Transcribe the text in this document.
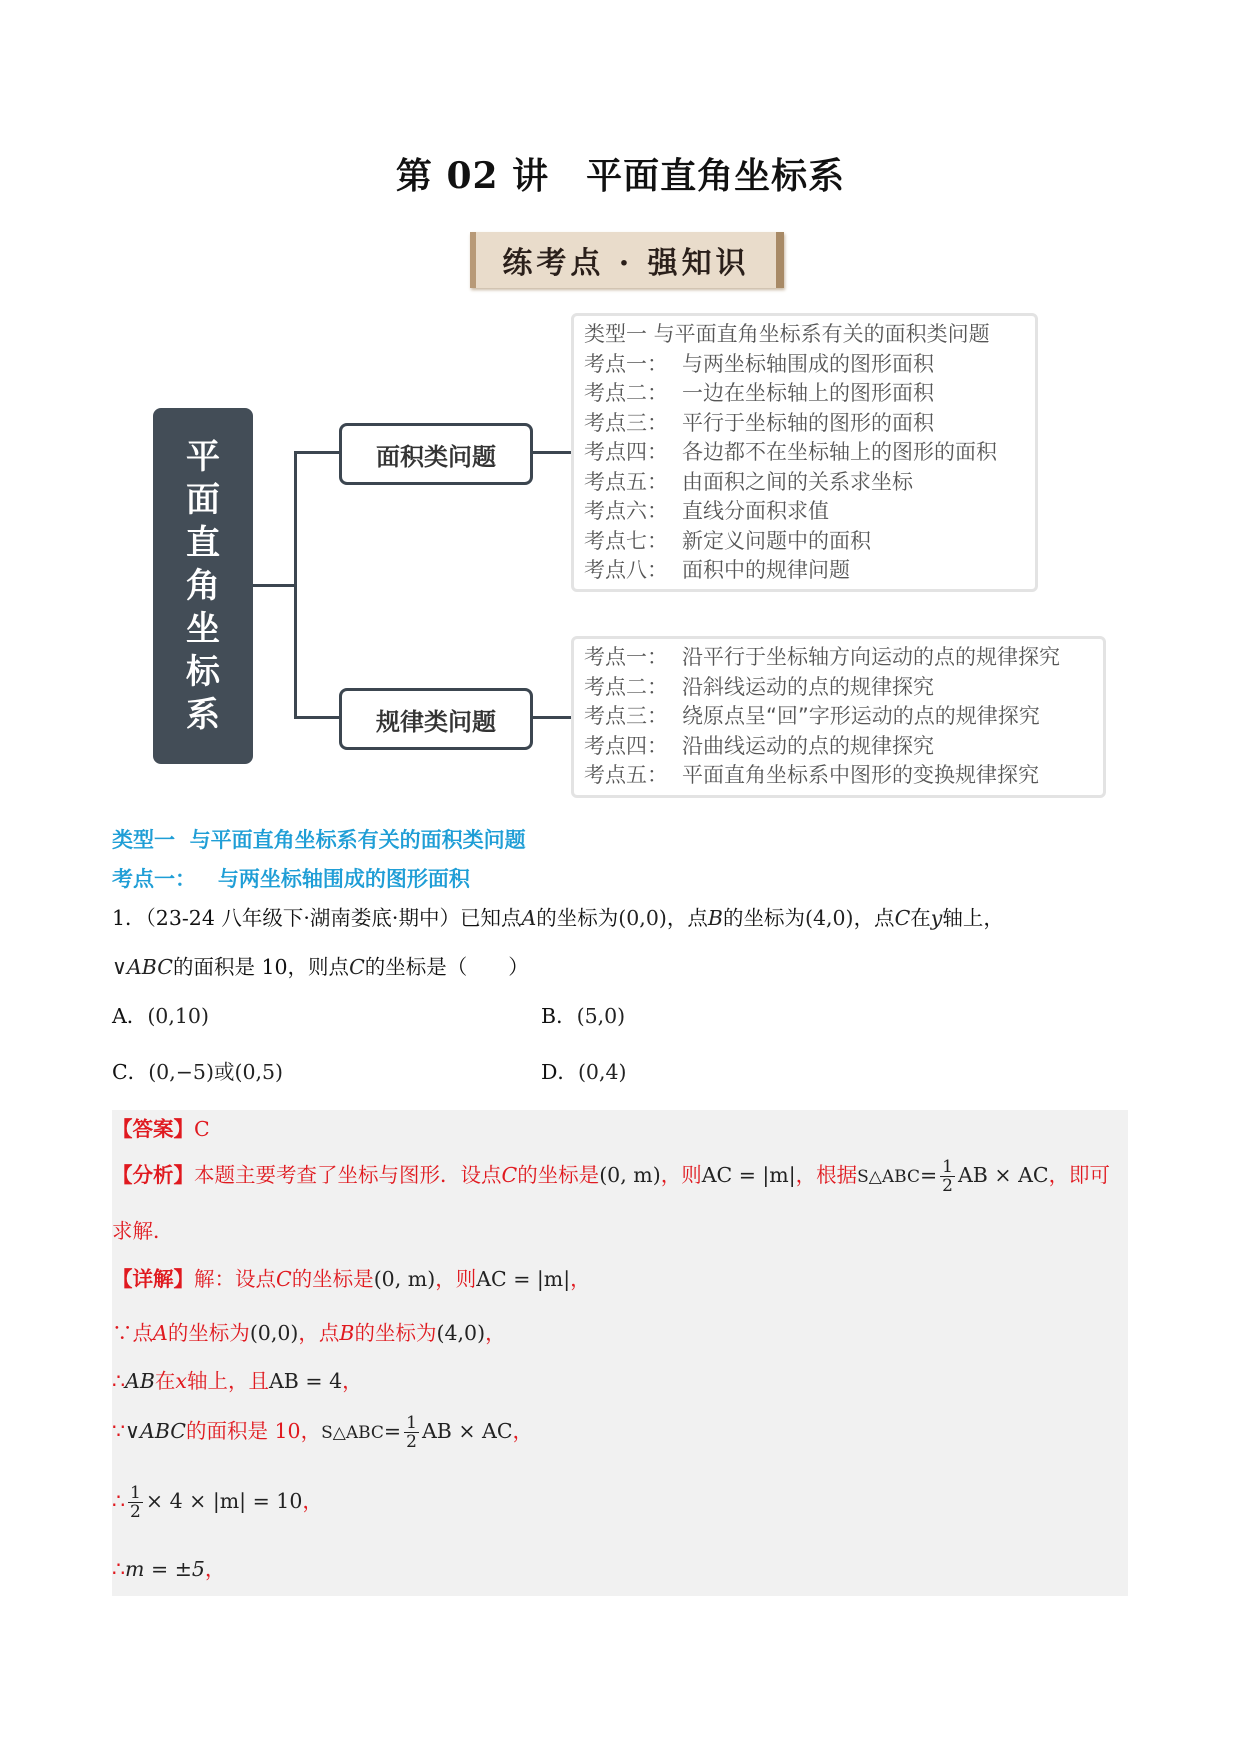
第 02 讲　平面直角坐标系
练考点 · 强知识
平
面
直
角
坐
标
系
面积类问题
规律类问题
类型一 与平面直角坐标系有关的面积类问题
考点一： 与两坐标轴围成的图形面积
考点二： 一边在坐标轴上的图形面积
考点三： 平行于坐标轴的图形的面积
考点四： 各边都不在坐标轴上的图形的面积
考点五： 由面积之间的关系求坐标
考点六： 直线分面积求值
考点七： 新定义问题中的面积
考点八： 面积中的规律问题
考点一： 沿平行于坐标轴方向运动的点的规律探究
考点二： 沿斜线运动的点的规律探究
考点三： 绕原点呈“回”字形运动的点的规律探究
考点四： 沿曲线运动的点的规律探究
考点五： 平面直角坐标系中图形的变换规律探究
类型一  与平面直角坐标系有关的面积类问题
考点一：   与两坐标轴围成的图形面积
1．（23-24 八年级下·湖南娄底·期中）已知点A的坐标为(0,0)，点B的坐标为(4,0)，点C在y轴上，
∨ABC的面积是 10，则点C的坐标是（　　）
A．(0,10)	B．(5,0)
C．(0,−5)或(0,5)	D．(0,4)
【答案】C
【分析】本题主要考查了坐标与图形．设点C的坐标是(0, m)，则AC = |m|，根据S△ABC= $\frac{1}{2}$ AB × AC，即可
求解．
【详解】解：设点C的坐标是(0, m)，则AC = |m|，
∵点A的坐标为(0,0)，点B的坐标为(4,0)，
∴AB在x轴上，且AB = 4，
∵∨ABC的面积是 10，S△ABC= $\frac{1}{2}$ AB × AC，
∴ $\frac{1}{2} \times 4 \times |m| = 10$，
∴m = ±5，
